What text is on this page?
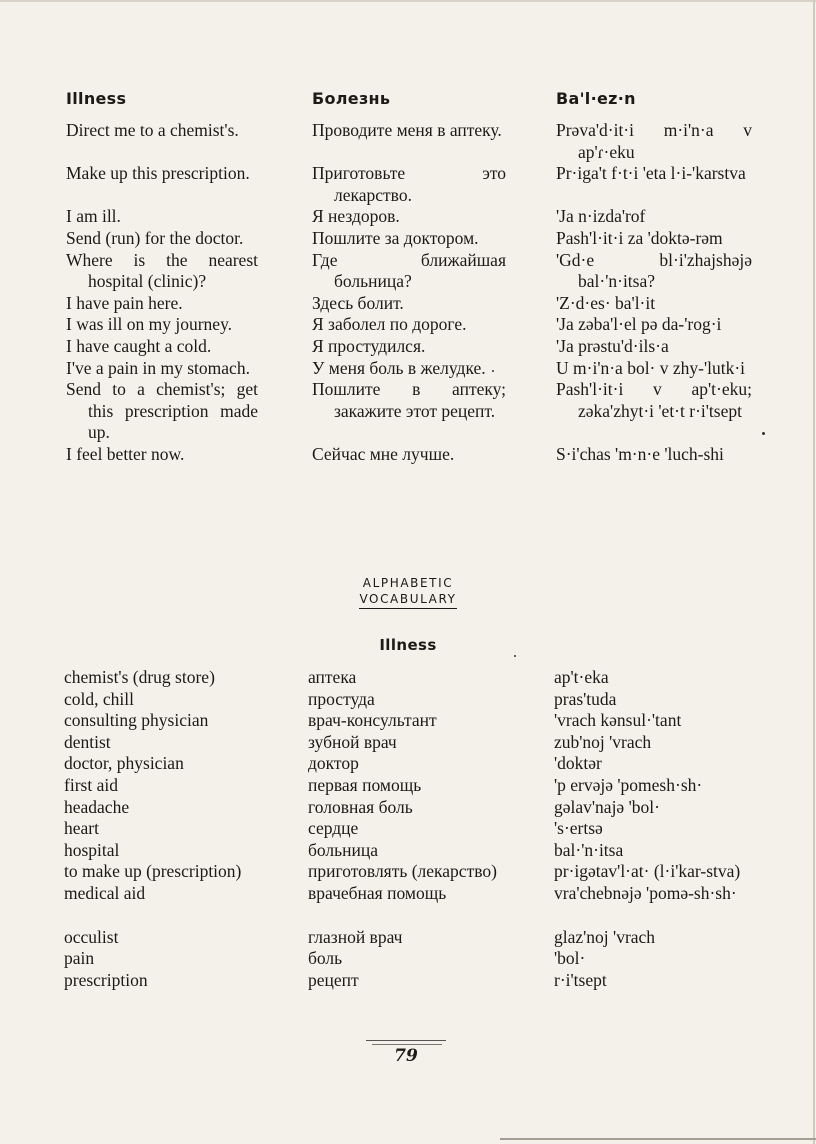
Illness
Direct me to a chemist's.
Make up this prescription.
I am ill.
Send (run) for the doctor.
Where is the nearest hospital (clinic)?
I have pain here.
I was ill on my journey.
I have caught a cold.
I've a pain in my stomach.
Send to a chemist's; get this prescription made up.
I feel better now.
Болезнь
Проводите меня в аптеку.
Приготовьте это лекарство.
Я нездоров.
Пошлите за доктором.
Где ближайшая больница?
Здесь болит.
Я заболел по дороге.
Я простудился.
У меня боль в желудке.
Пошлите в аптеку; закажите этот рецепт.
Сейчас мне лучше.
Ba'l·ez·n
Prəva'd·it·i m·i'n·a v ap'ɾ·eku
Pr·iga't f·t·i 'eta l·i-'karstva
'Ja n·izda'rof
Pash'l·it·i za 'doktə-rəm
'Gd·e bl·i'zhajshəjə bal·'n·itsa?
'Z·d·es· ba'l·it
'Ja zəba'l·el pə da-'rog·i
'Ja prəstu'd·ils·a
U m·i'n·a bol· v zhy-'lutk·i
Pash'l·it·i v ap't·eku; zəka'zhyt·i 'et·t r·i'tsept
S·i'chas 'm·n·e 'luch-shi
ALPHABETIC
VOCABULARY
Illness
chemist's (drug store)
cold, chill
consulting physician
dentist
doctor, physician
first aid
headache
heart
hospital
to make up (prescription)
medical aid
occulist
pain
prescription
аптека
простуда
врач-консультант
зубной врач
доктор
первая помощь
головная боль
сердце
больница
приготовлять (лекарство)
врачебная помощь
глазной врач
боль
рецепт
ap't·eka
pras'tuda
'vrach kənsul·'tant
zub'noj 'vrach
'doktər
'p ervəjə 'pomesh·sh·
gəlav'najə 'bol·
's·ertsə
bal·'n·itsa
pr·igətav'l·at· (l·i'kar-stva)
vra'chebnəjə 'pomə-sh·sh·
glaz'noj 'vrach
'bol·
r·i'tsept
79
